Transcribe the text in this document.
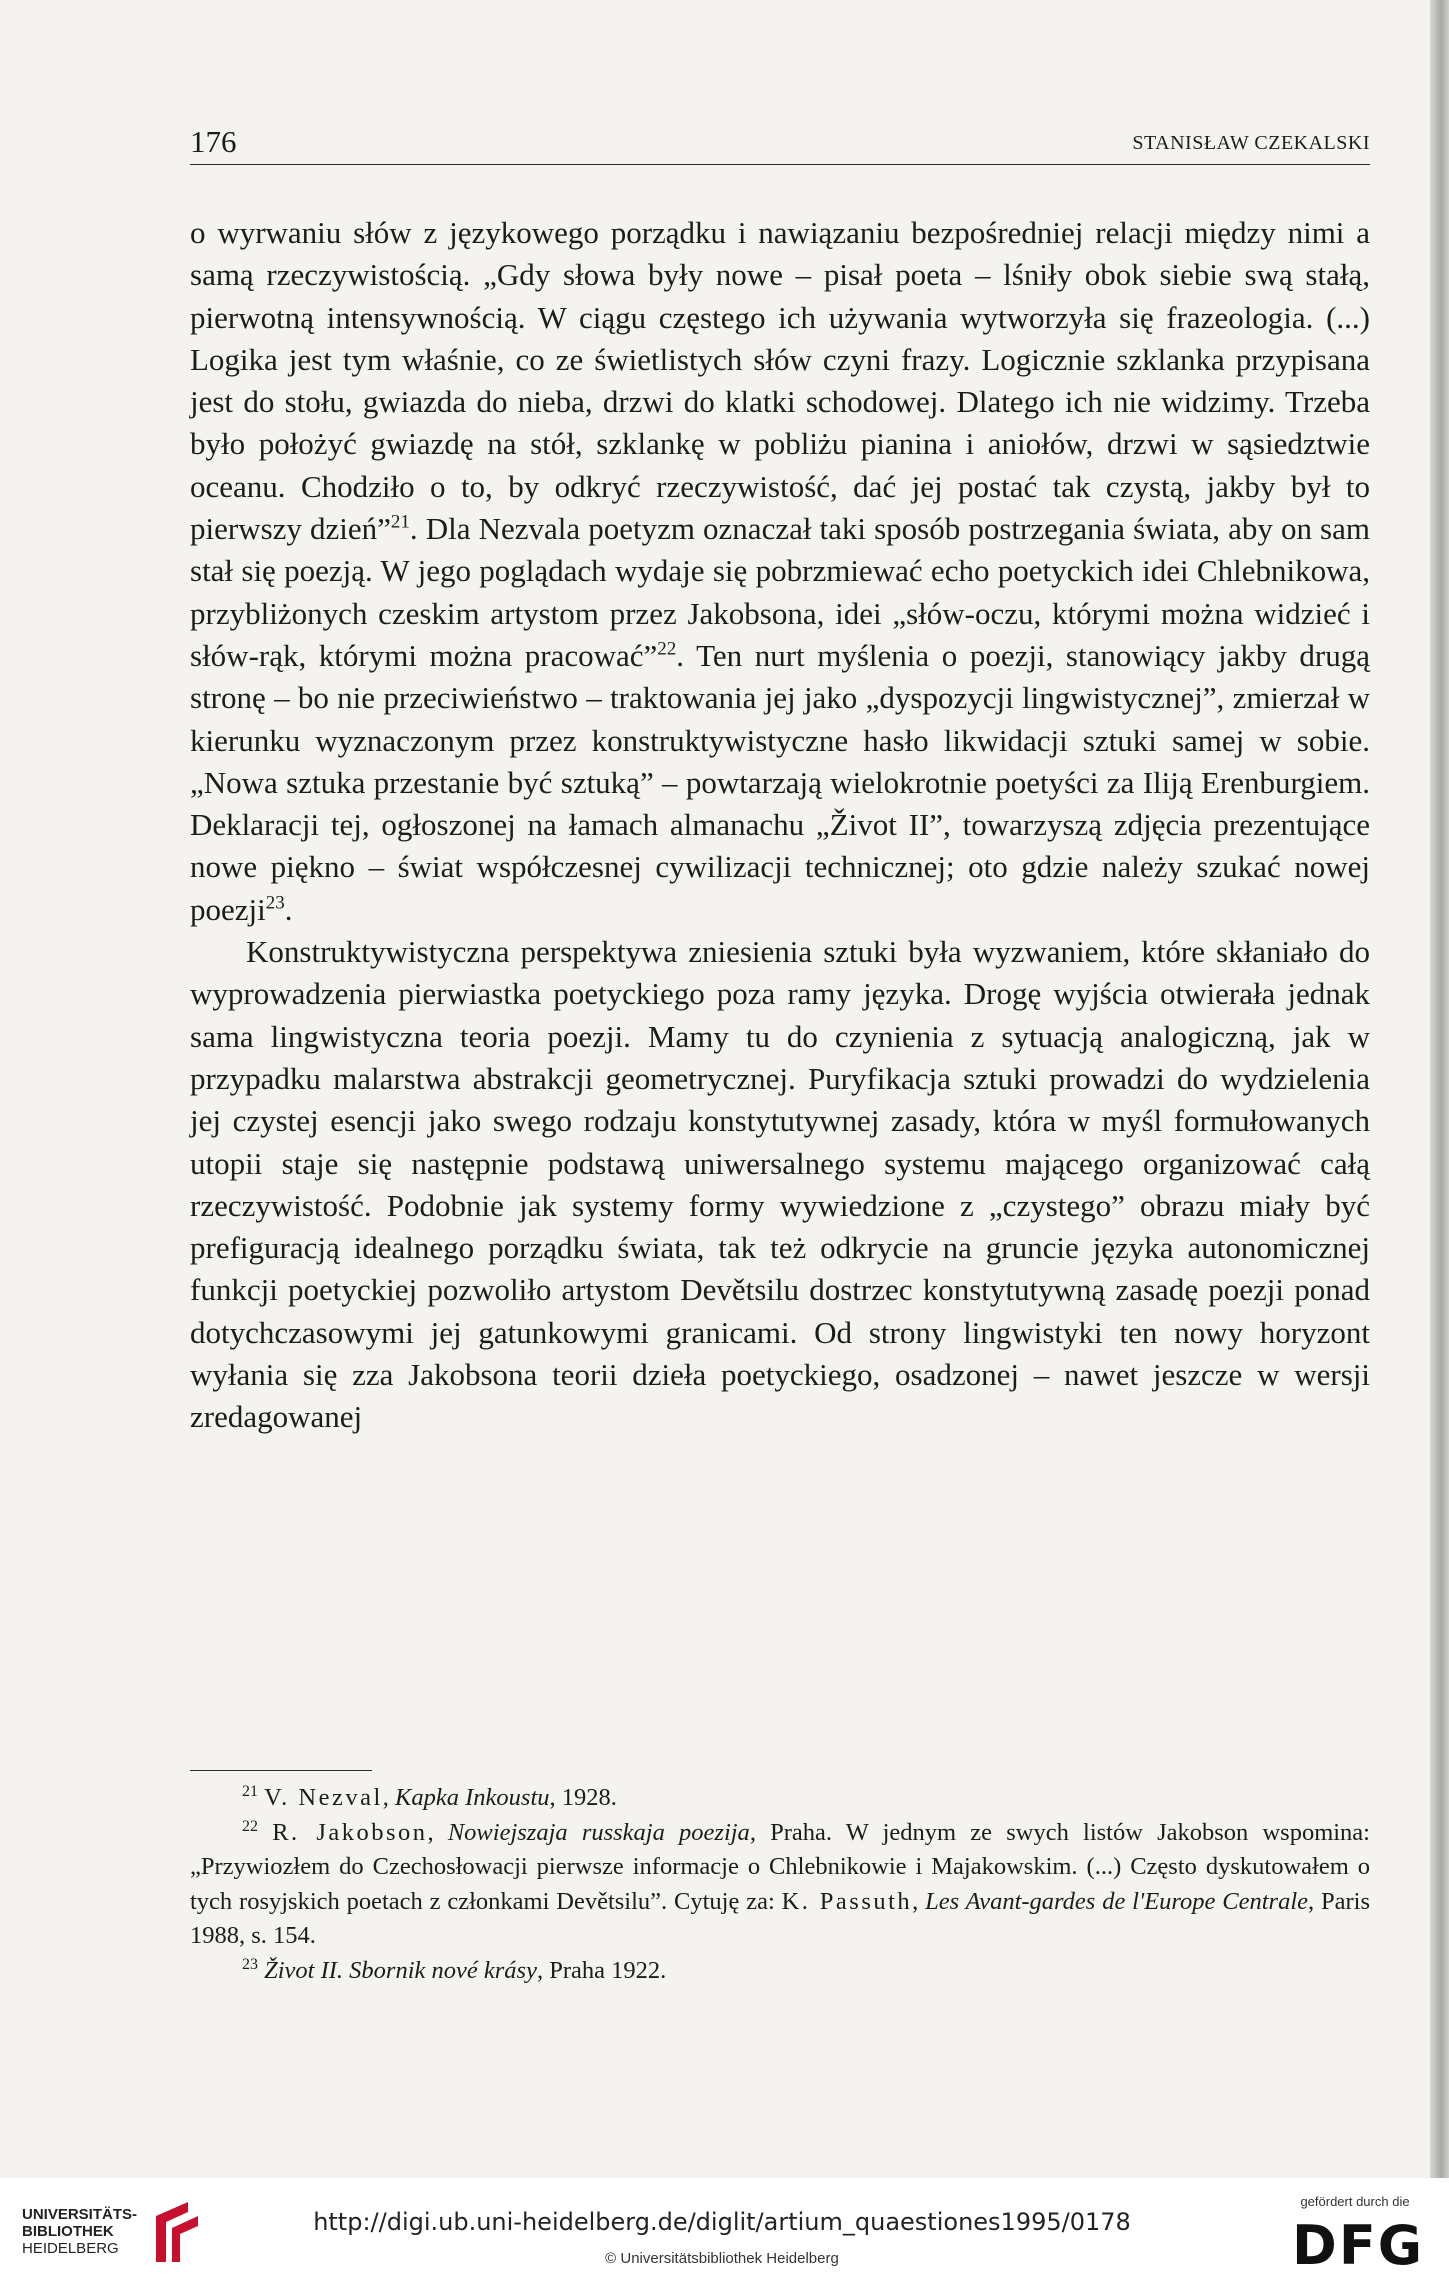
176	STANISŁAW CZEKALSKI

o wyrwaniu słów z językowego porządku i nawiązaniu bezpośredniej relacji między nimi a samą rzeczywistością. „Gdy słowa były nowe – pisał poeta – lśniły obok siebie swą stałą, pierwotną intensywnością. W ciągu częstego ich używania wytworzyła się frazeologia. (...) Logika jest tym właśnie, co ze świetlistych słów czyni frazy. Logicznie szklanka przypisana jest do stołu, gwiazda do nieba, drzwi do klatki schodowej. Dlatego ich nie widzimy. Trzeba było położyć gwiazdę na stół, szklankę w pobliżu pianina i aniołów, drzwi w sąsiedztwie oceanu. Chodziło o to, by odkryć rzeczywistość, dać jej postać tak czystą, jakby był to pierwszy dzień”$^{21}$. Dla Nezvala poetyzm oznaczał taki sposób postrzegania świata, aby on sam stał się poezją. W jego poglądach wydaje się pobrzmiewać echo poetyckich idei Chlebnikowa, przybliżonych czeskim artystom przez Jakobsona, idei „słów-oczu, którymi można widzieć i słów-rąk, którymi można pracować”$^{22}$. Ten nurt myślenia o poezji, stanowiący jakby drugą stronę – bo nie przeciwieństwo – traktowania jej jako „dyspozycji lingwistycznej”, zmierzał w kierunku wyznaczonym przez konstruktywistyczne hasło likwidacji sztuki samej w sobie. „Nowa sztuka przestanie być sztuką” – powtarzają wielokrotnie poetyści za Iliją Erenburgiem. Deklaracji tej, ogłoszonej na łamach almanachu „Život II”, towarzyszą zdjęcia prezentujące nowe piękno – świat współczesnej cywilizacji technicznej; oto gdzie należy szukać nowej poezji$^{23}$.

Konstruktywistyczna perspektywa zniesienia sztuki była wyzwaniem, które skłaniało do wyprowadzenia pierwiastka poetyckiego poza ramy języka. Drogę wyjścia otwierała jednak sama lingwistyczna teoria poezji. Mamy tu do czynienia z sytuacją analogiczną, jak w przypadku malarstwa abstrakcji geometrycznej. Puryfikacja sztuki prowadzi do wydzielenia jej czystej esencji jako swego rodzaju konstytutywnej zasady, która w myśl formułowanych utopii staje się następnie podstawą uniwersalnego systemu mającego organizować całą rzeczywistość. Podobnie jak systemy formy wywiedzione z „czystego” obrazu miały być prefiguracją idealnego porządku świata, tak też odkrycie na gruncie języka autonomicznej funkcji poetyckiej pozwoliło artystom Devětsilu dostrzec konstytutywną zasadę poezji ponad dotychczasowymi jej gatunkowymi granicami. Od strony lingwistyki ten nowy horyzont wyłania się zza Jakobsona teorii dzieła poetyckiego, osadzonej – nawet jeszcze w wersji zredagowanej

$^{21}$ V. Nezval, Kapka Inkoustu, 1928.

$^{22}$ R. Jakobson, Nowiejszaja russkaja poezija, Praha. W jednym ze swych listów Jakobson wspomina: „Przywiozłem do Czechosłowacji pierwsze informacje o Chlebnikowie i Majakowskim. (...) Często dyskutowałem o tych rosyjskich poetach z członkami Devětsilu”. Cytuję za: K. Passuth, Les Avant-gardes de l'Europe Centrale, Paris 1988, s. 154.

$^{23}$ Život II. Sbornik nové krásy, Praha 1922.

UNIVERSITÄTS-
BIBLIOTHEK
HEIDELBERG
http://digi.ub.uni-heidelberg.de/diglit/artium_quaestiones1995/0178
© Universitätsbibliothek Heidelberg
gefördert durch die
DFG
